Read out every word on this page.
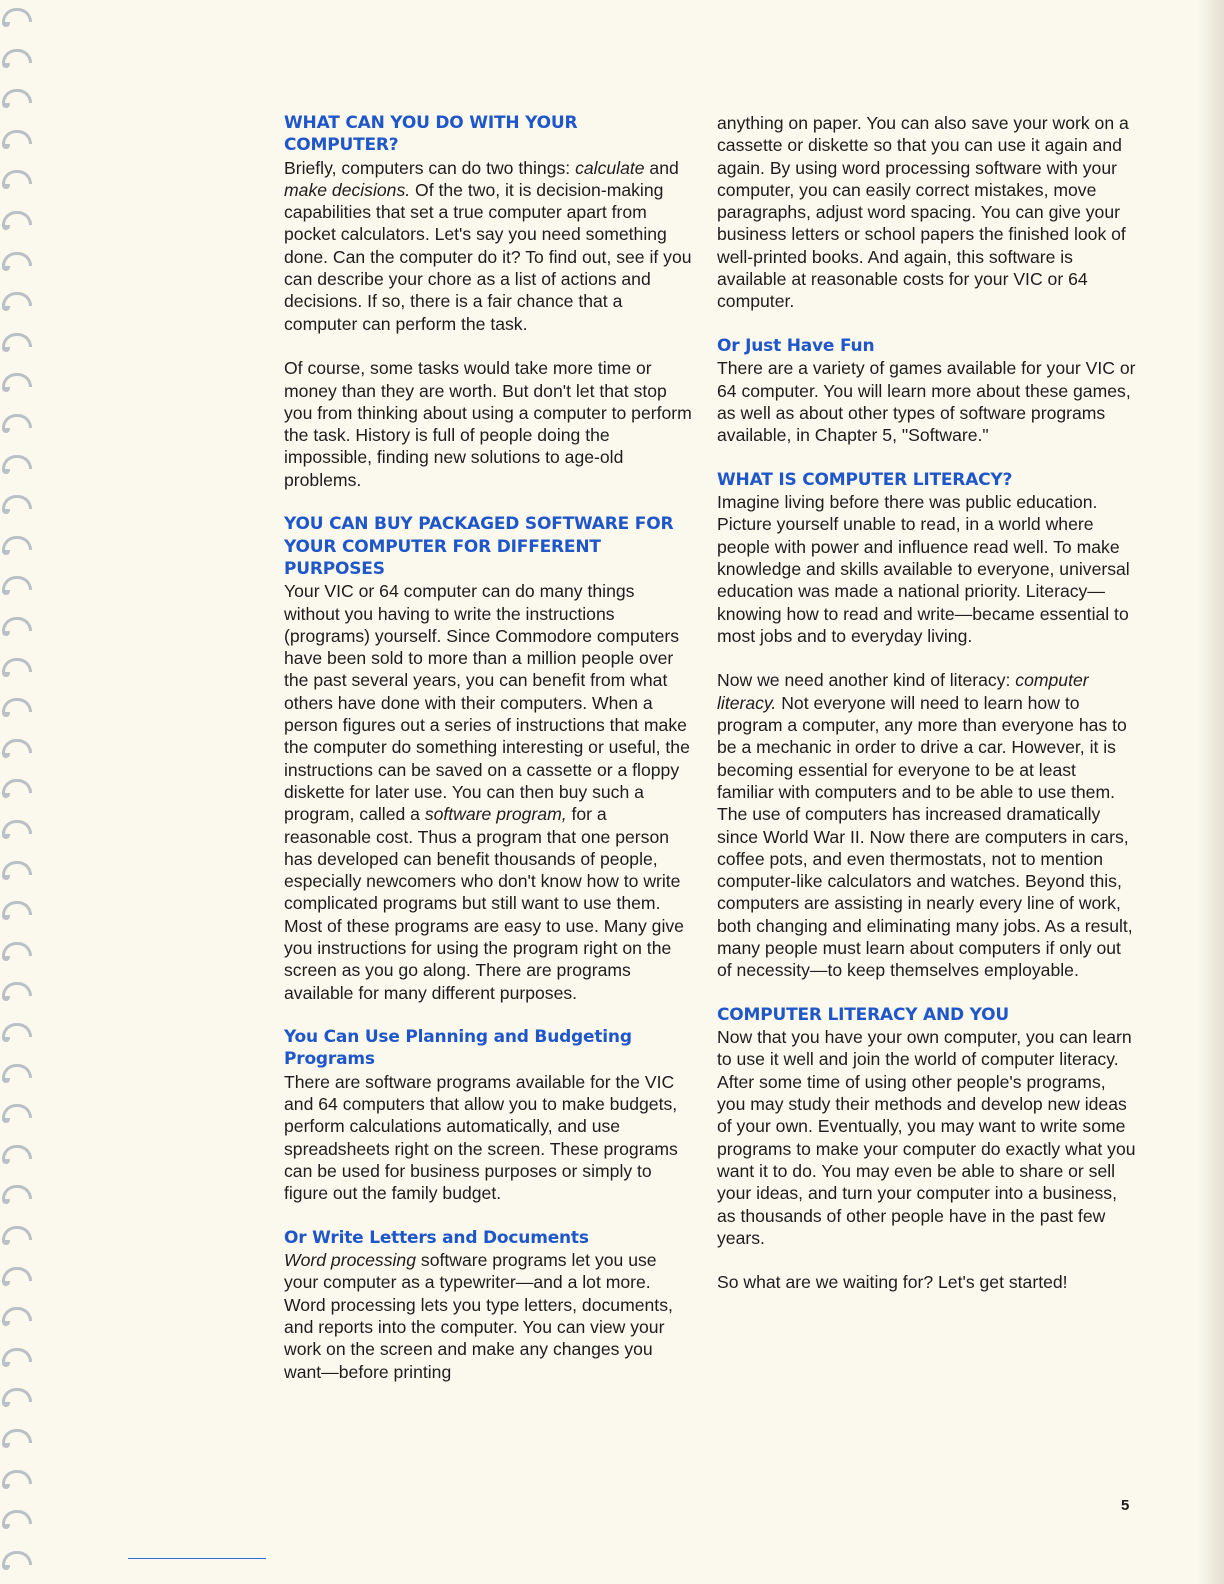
WHAT CAN YOU DO WITH YOUR COMPUTER?

Briefly, computers can do two things: calculate and make decisions. Of the two, it is decision-making capabilities that set a true computer apart from pocket calculators. Let's say you need something done. Can the computer do it? To find out, see if you can describe your chore as a list of actions and decisions. If so, there is a fair chance that a computer can perform the task.

Of course, some tasks would take more time or money than they are worth. But don't let that stop you from thinking about using a computer to perform the task. History is full of people doing the impossible, finding new solutions to age-old problems.

YOU CAN BUY PACKAGED SOFTWARE FOR YOUR COMPUTER FOR DIFFERENT PURPOSES

Your VIC or 64 computer can do many things without you having to write the instructions (programs) yourself. Since Commodore computers have been sold to more than a million people over the past several years, you can benefit from what others have done with their computers. When a person figures out a series of instructions that make the computer do something interesting or useful, the instructions can be saved on a cassette or a floppy diskette for later use. You can then buy such a program, called a software program, for a reasonable cost. Thus a program that one person has developed can benefit thousands of people, especially newcomers who don't know how to write complicated programs but still want to use them. Most of these programs are easy to use. Many give you instructions for using the program right on the screen as you go along. There are programs available for many different purposes.

You Can Use Planning and Budgeting Programs

There are software programs available for the VIC and 64 computers that allow you to make budgets, perform calculations automatically, and use spreadsheets right on the screen. These programs can be used for business purposes or simply to figure out the family budget.

Or Write Letters and Documents

Word processing software programs let you use your computer as a typewriter—and a lot more. Word processing lets you type letters, documents, and reports into the computer. You can view your work on the screen and make any changes you want—before printing

anything on paper. You can also save your work on a cassette or diskette so that you can use it again and again. By using word processing software with your computer, you can easily correct mistakes, move paragraphs, adjust word spacing. You can give your business letters or school papers the finished look of well-printed books. And again, this software is available at reasonable costs for your VIC or 64 computer.

Or Just Have Fun

There are a variety of games available for your VIC or 64 computer. You will learn more about these games, as well as about other types of software programs available, in Chapter 5, "Software."

WHAT IS COMPUTER LITERACY?

Imagine living before there was public education. Picture yourself unable to read, in a world where people with power and influence read well. To make knowledge and skills available to everyone, universal education was made a national priority. Literacy—knowing how to read and write—became essential to most jobs and to everyday living.

Now we need another kind of literacy: computer literacy. Not everyone will need to learn how to program a computer, any more than everyone has to be a mechanic in order to drive a car. However, it is becoming essential for everyone to be at least familiar with computers and to be able to use them. The use of computers has increased dramatically since World War II. Now there are computers in cars, coffee pots, and even thermostats, not to mention computer-like calculators and watches. Beyond this, computers are assisting in nearly every line of work, both changing and eliminating many jobs. As a result, many people must learn about computers if only out of necessity—to keep themselves employable.

COMPUTER LITERACY AND YOU

Now that you have your own computer, you can learn to use it well and join the world of computer literacy. After some time of using other people's programs, you may study their methods and develop new ideas of your own. Eventually, you may want to write some programs to make your computer do exactly what you want it to do. You may even be able to share or sell your ideas, and turn your computer into a business, as thousands of other people have in the past few years.

So what are we waiting for? Let's get started!

5
